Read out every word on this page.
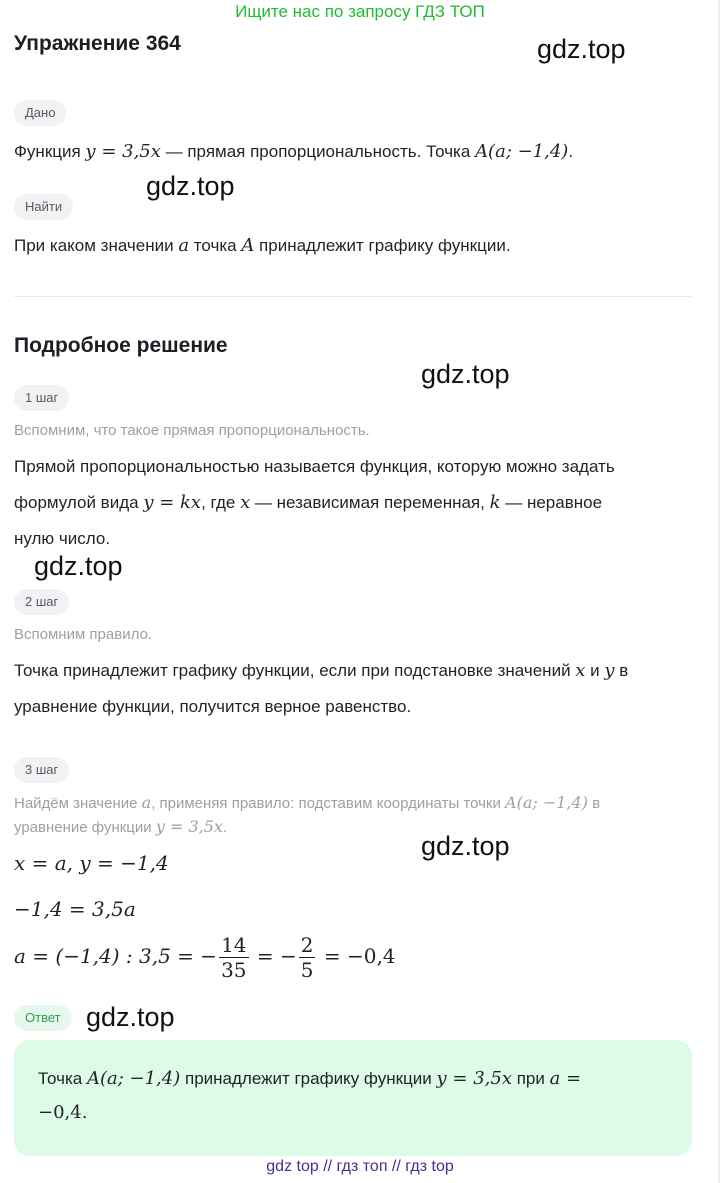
Ищите нас по запросу ГДЗ ТОП
Упражнение 364	gdz.top
gdz.top
gdz.top
gdz.top
gdz.top
gdz.top
Дано
Функция y = 3,5x — прямая пропорциональность. Точка A(a; −1,4).
Найти
При каком значении a точка A принадлежит графику функции.
Подробное решение
1 шаг
Вспомним, что такое прямая пропорциональность.
Прямой пропорциональностью называется функция, которую можно задать
формулой вида y = kx, где x — независимая переменная, k — неравное
нулю число.
2 шаг
Вспомним правило.
Точка принадлежит графику функции, если при подстановке значений x и y в
уравнение функции, получится верное равенство.
3 шаг
Найдём значение a, применяя правило: подставим координаты точки A(a; −1,4) в
уравнение функции y = 3,5x.
x = a, y = −1,4
−1,4 = 3,5a
a = (−1,4) : 3,5 = − $\frac{14}{35}$ = − $\frac{2}{5} = -0,4$
Ответ
Точка A(a; −1,4) принадлежит графику функции y = 3,5x при a =
−0,4.
gdz top // гдз топ // гдз top
